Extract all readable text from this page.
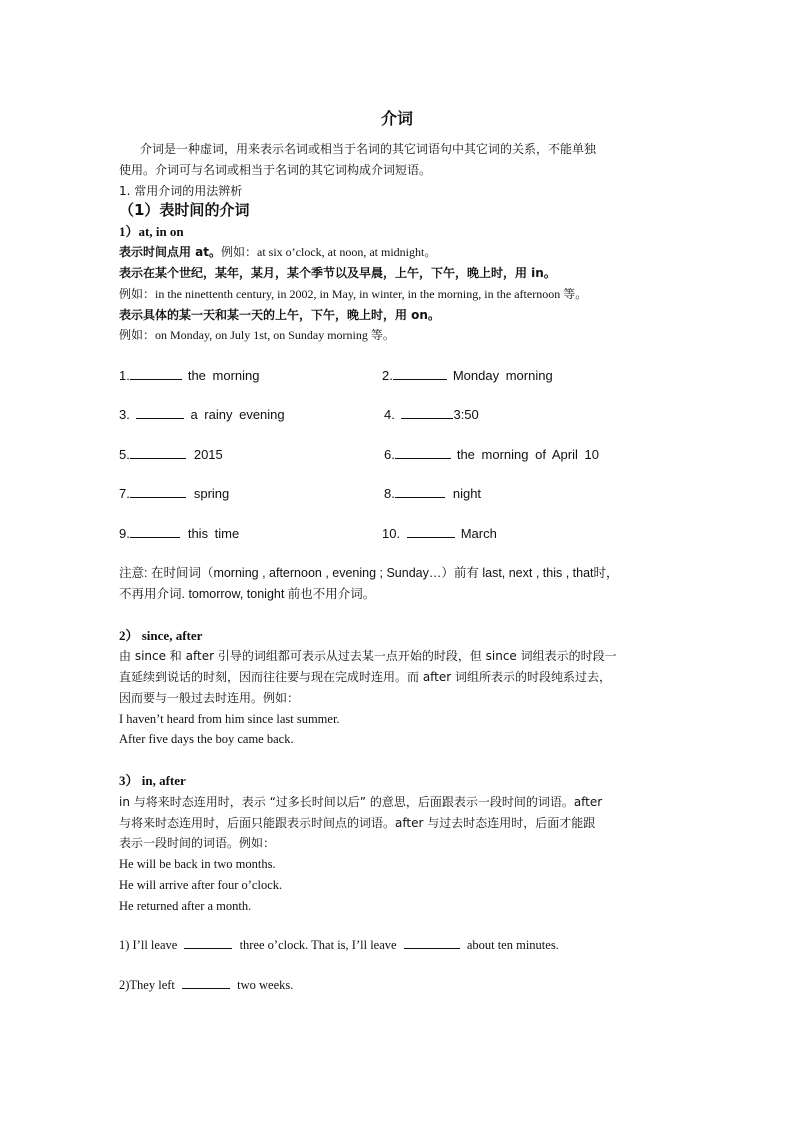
介词
介词是一种虚词，用来表示名词或相当于名词的其它词语句中其它词的关系，不能单独
使用。介词可与名词或相当于名词的其它词构成介词短语。
1. 常用介词的用法辨析
（1）表时间的介词
1）at, in on
表示时间点用 at。例如：at six o’clock, at noon, at midnight。
表示在某个世纪，某年，某月，某个季节以及早晨，上午，下午，晚上时，用 in。
例如：in the ninettenth century, in 2002, in May, in winter, in the morning, in the afternoon 等。
表示具体的某一天和某一天的上午，下午，晚上时，用 on。
例如：on Monday, on July 1st, on Sunday morning 等。
1.	the morning	2.	Monday morning
3.	a rainy evening	4.	3:50
5.	2015	6.	the morning of April 10
7.	spring	8.	night
9.	this time	10.	March
注意: 在时间词（morning , afternoon , evening ; Sunday…）前有 last, next , this , that时，
不再用介词. tomorrow, tonight 前也不用介词。
2） since, after
由 since 和 after 引导的词组都可表示从过去某一点开始的时段，但 since 词组表示的时段一
直延续到说话的时刻，因而往往要与现在完成时连用。而 after 词组所表示的时段纯系过去，
因而要与一般过去时连用。例如：
I haven’t heard from him since last summer.
After five days the boy came back.
3） in, after
in 与将来时态连用时，表示 “过多长时间以后” 的意思，后面跟表示一段时间的词语。after
与将来时态连用时，后面只能跟表示时间点的词语。after 与过去时态连用时，后面才能跟
表示一段时间的词语。例如：
He will be back in two months.
He will arrive after four o’clock.
He returned after a month.
1) I’ll leave	three o’clock. That is, I’ll leave	about ten minutes.
2)They left	two weeks.
